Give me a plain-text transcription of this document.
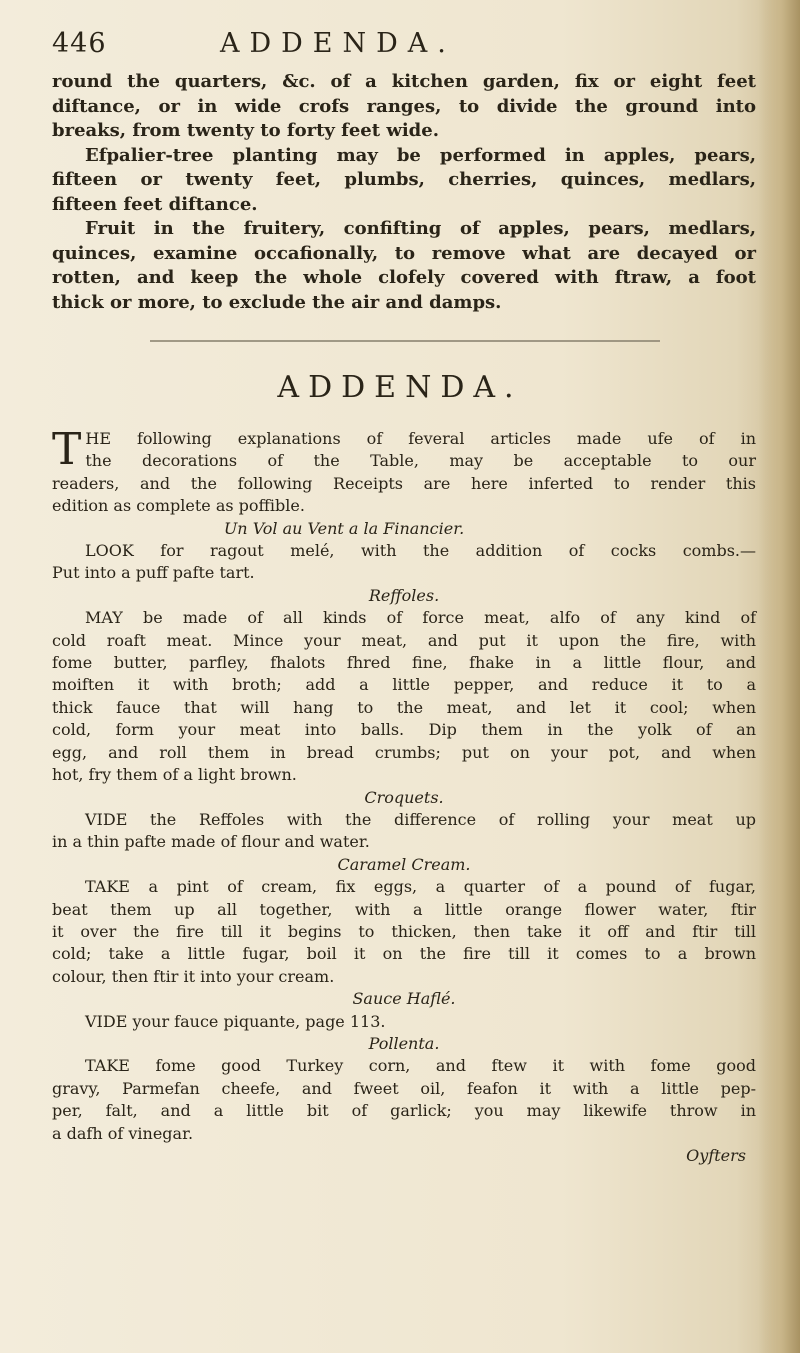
446	ADDENDA.
round the quarters, &c. of a kitchen garden, fix or eight feet
diftance, or in wide crofs ranges, to divide the ground into
breaks, from twenty to forty feet wide.
Efpalier-tree planting may be performed in apples, pears,
fifteen or twenty feet, plumbs, cherries, quinces, medlars,
fifteen feet diftance.
Fruit in the fruitery, confifting of apples, pears, medlars,
quinces, examine occafionally, to remove what are decayed or
rotten, and keep the whole clofely covered with ftraw, a foot
thick or more, to exclude the air and damps.
ADDENDA.
T HE following explanations of feveral articles made ufe of in
the decorations of the Table, may be acceptable to our
readers, and the following Receipts are here inferted to render this
edition as complete as poffible.
Un Vol au Vent a la Financier.
LOOK for ragout melé, with the addition of cocks combs.—
Put into a puff pafte tart.
Reffoles.
MAY be made of all kinds of force meat, alfo of any kind of
cold roaft meat. Mince your meat, and put it upon the fire, with
fome butter, parfley, fhalots fhred fine, fhake in a little flour, and
moiften it with broth; add a little pepper, and reduce it to a
thick fauce that will hang to the meat, and let it cool; when
cold, form your meat into balls. Dip them in the yolk of an
egg, and roll them in bread crumbs; put on your pot, and when
hot, fry them of a light brown.
Croquets.
VIDE the Reffoles with the difference of rolling your meat up
in a thin pafte made of flour and water.
Caramel Cream.
TAKE a pint of cream, fix eggs, a quarter of a pound of fugar,
beat them up all together, with a little orange flower water, ftir
it over the fire till it begins to thicken, then take it off and ftir till
cold; take a little fugar, boil it on the fire till it comes to a brown
colour, then ftir it into your cream.
Sauce Haflé.
VIDE your fauce piquante, page 113.
Pollenta.
TAKE fome good Turkey corn, and ftew it with fome good
gravy, Parmefan cheefe, and fweet oil, feafon it with a little pep-
per, falt, and a little bit of garlick; you may likewife throw in
a dafh of vinegar.
Oyfters
